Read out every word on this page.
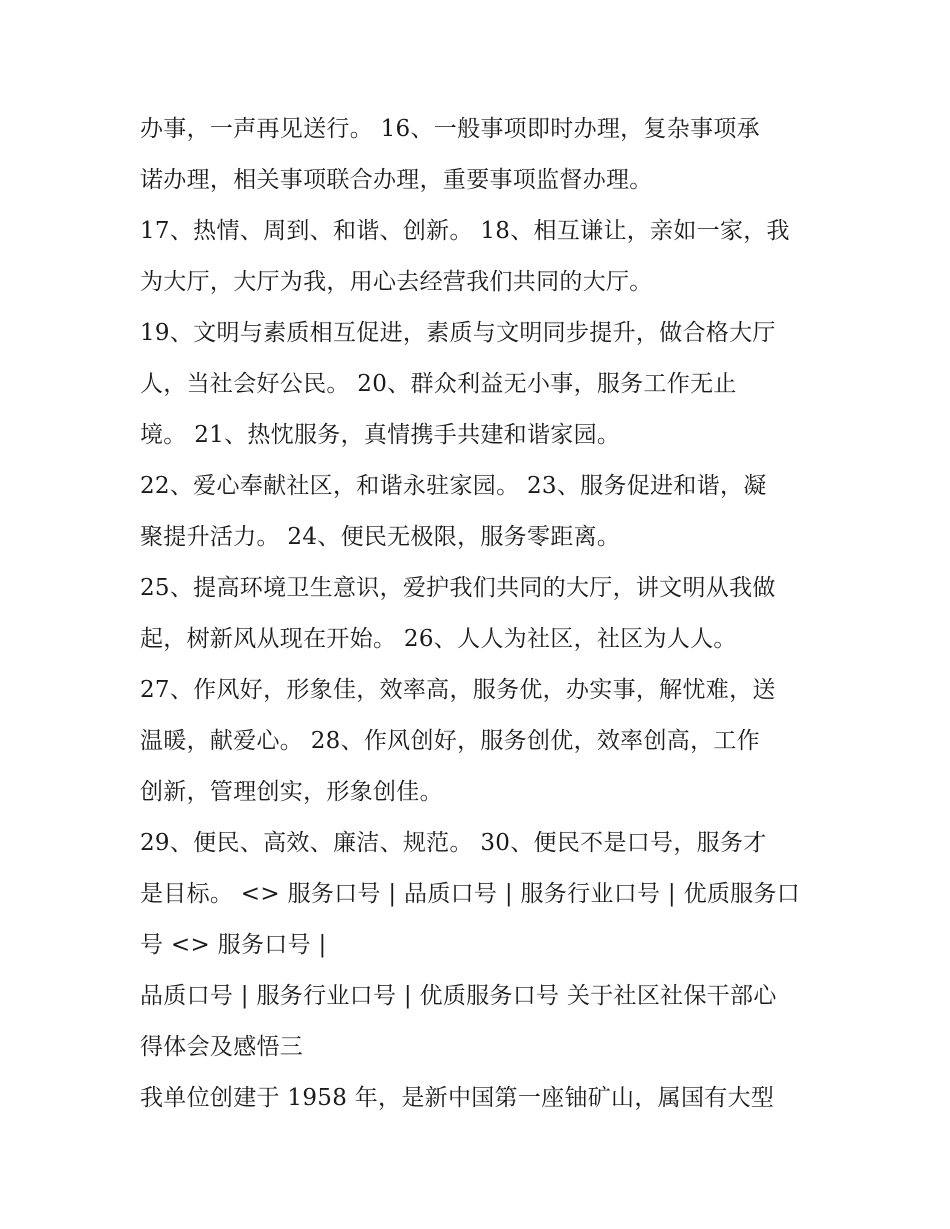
办事，一声再见送行。 16、一般事项即时办理，复杂事项承
诺办理，相关事项联合办理，重要事项监督办理。
17、热情、周到、和谐、创新。 18、相互谦让，亲如一家，我
为大厅，大厅为我，用心去经营我们共同的大厅。
19、文明与素质相互促进，素质与文明同步提升，做合格大厅
人，当社会好公民。 20、群众利益无小事，服务工作无止
境。 21、热忱服务，真情携手共建和谐家园。
22、爱心奉献社区，和谐永驻家园。 23、服务促进和谐，凝
聚提升活力。 24、便民无极限，服务零距离。
25、提高环境卫生意识，爱护我们共同的大厅，讲文明从我做
起，树新风从现在开始。 26、人人为社区，社区为人人。
27、作风好，形象佳，效率高，服务优，办实事，解忧难，送
温暖，献爱心。 28、作风创好，服务创优，效率创高，工作
创新，管理创实，形象创佳。
29、便民、高效、廉洁、规范。 30、便民不是口号，服务才
是目标。 <> 服务口号 | 品质口号 | 服务行业口号 | 优质服务口
号 <> 服务口号 |
品质口号 | 服务行业口号 | 优质服务口号 关于社区社保干部心
得体会及感悟三
我单位创建于 1958 年，是新中国第一座铀矿山，属国有大型
